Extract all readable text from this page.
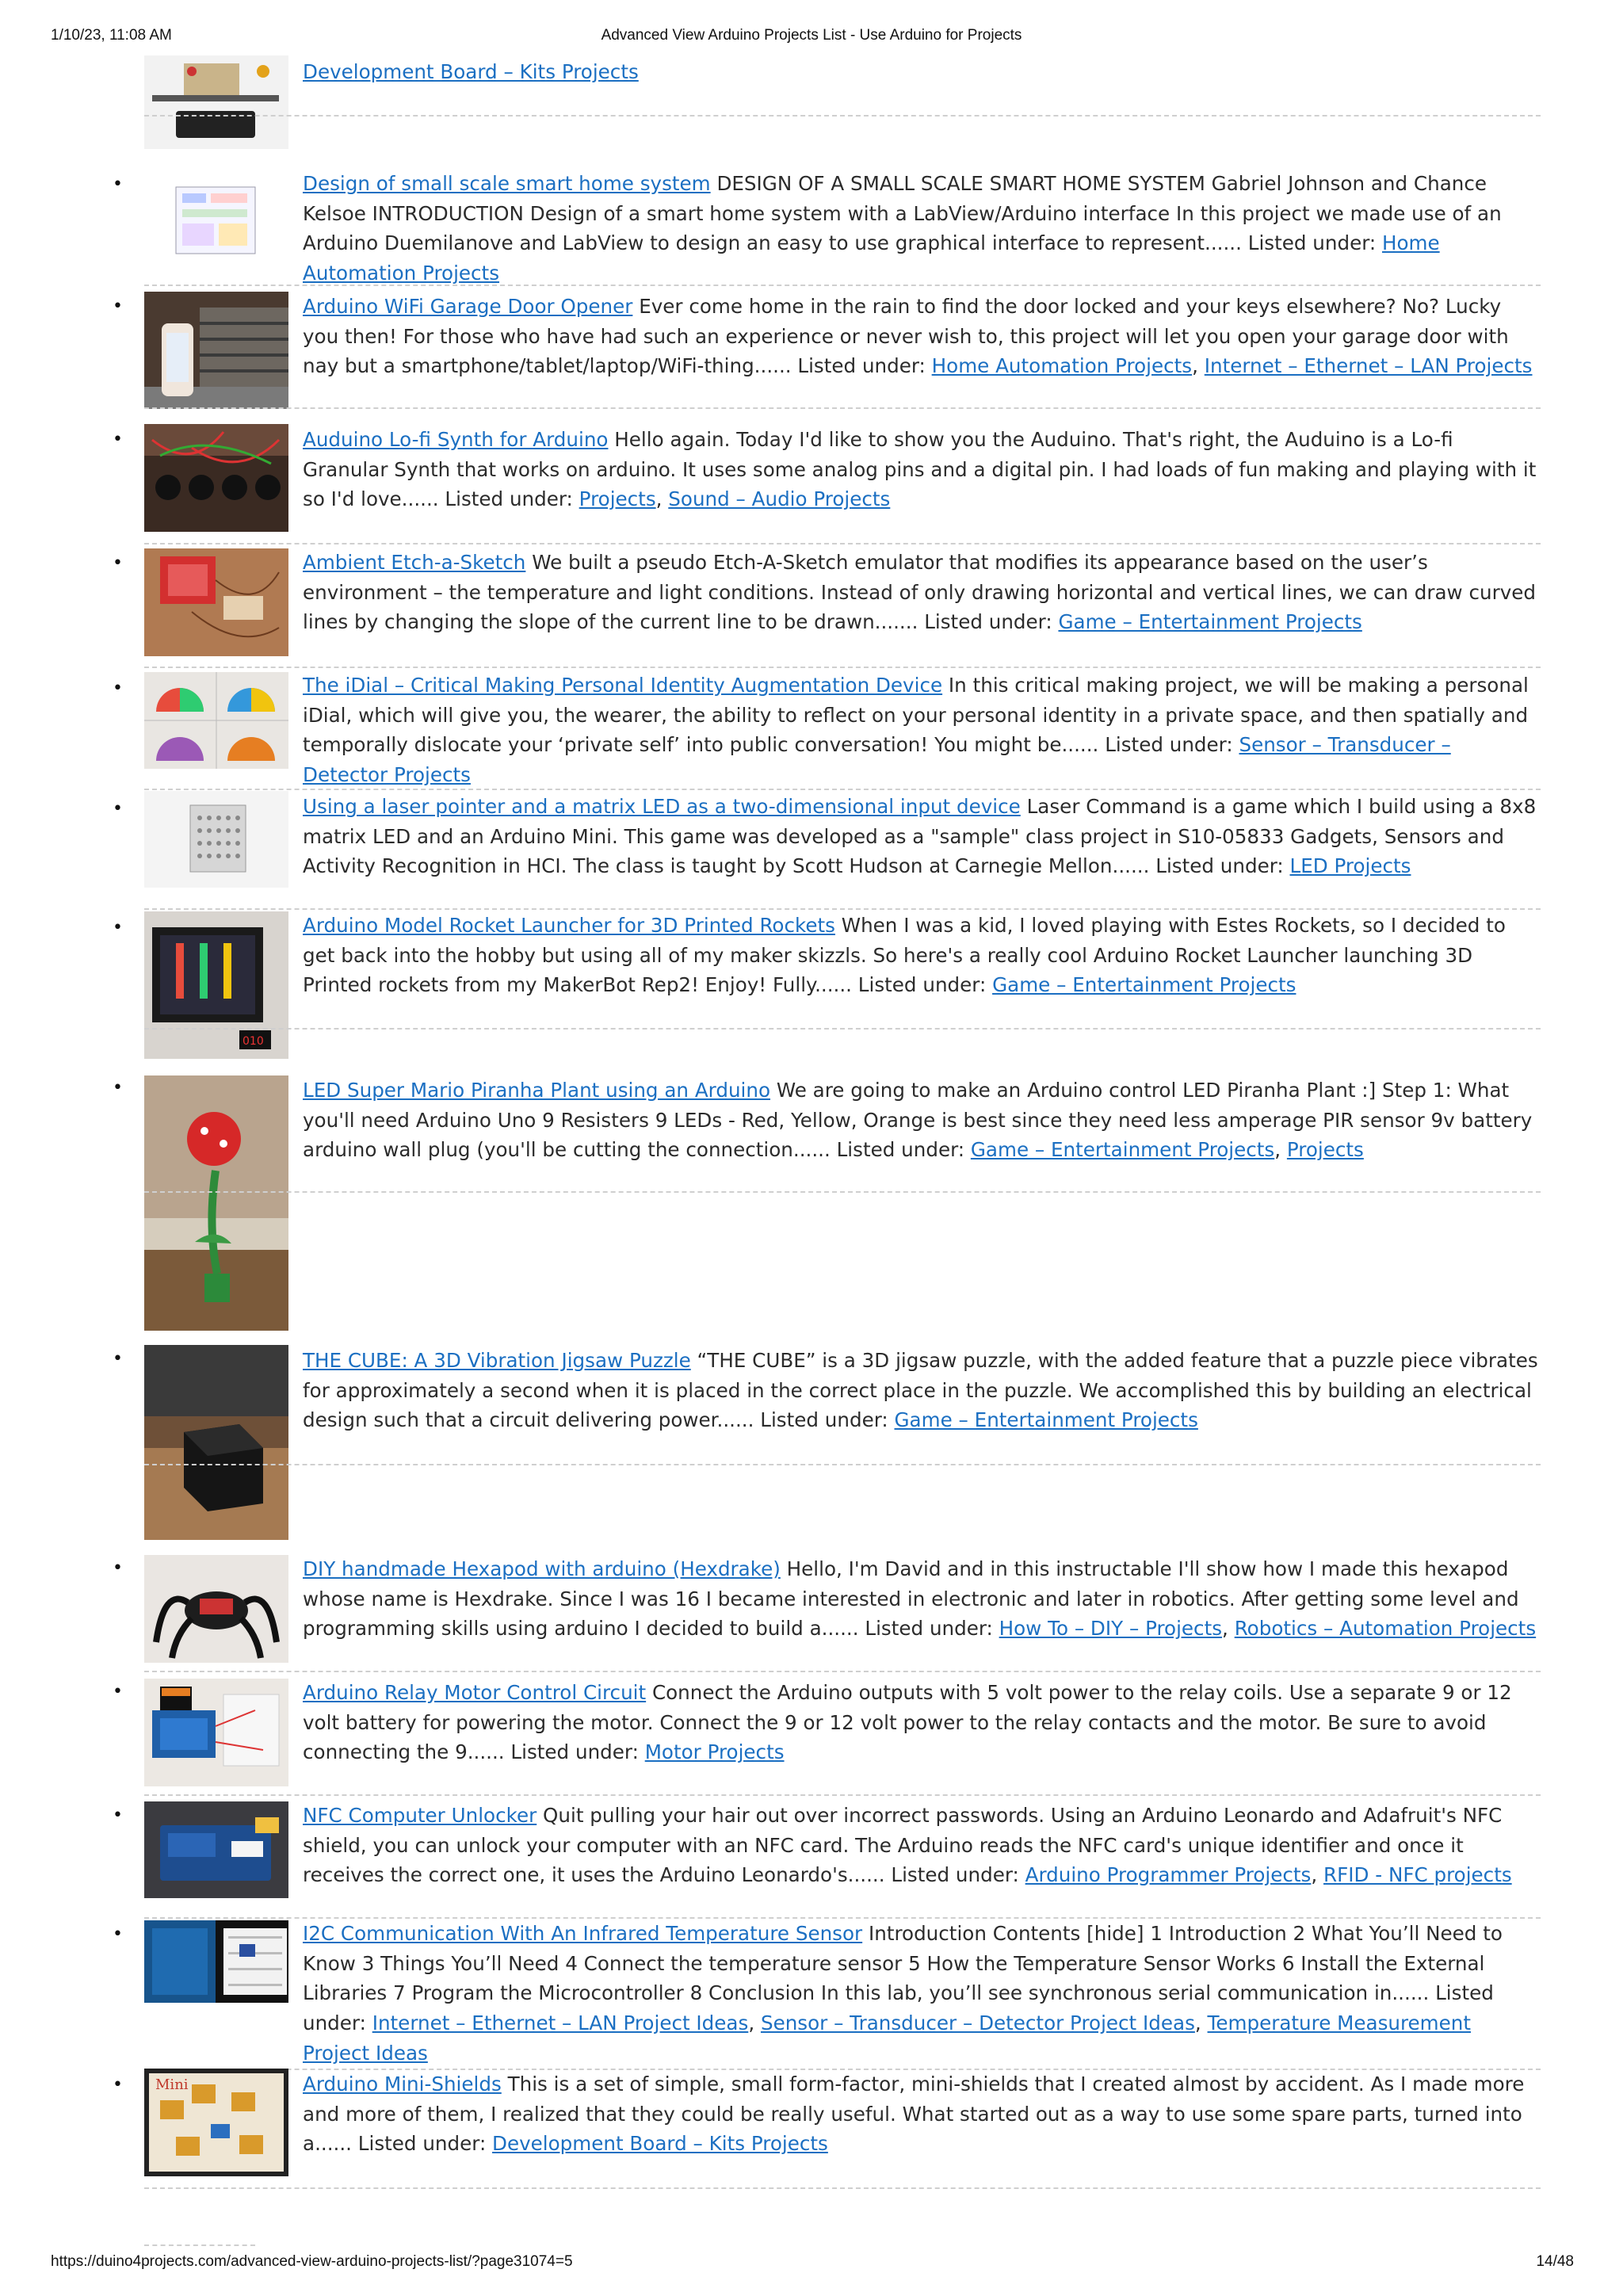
1/10/23, 11:08 AM	Advanced View Arduino Projects List - Use Arduino for Projects
Development Board – Kits Projects
•	Design of small scale smart home system DESIGN OF A SMALL SCALE SMART HOME SYSTEM Gabriel Johnson and Chance Kelsoe INTRODUCTION Design of a smart home system with a LabView/Arduino interface In this project we made use of an Arduino Duemilanove and LabView to design an easy to use graphical interface to represent...... Listed under: Home Automation Projects
•	Arduino WiFi Garage Door Opener Ever come home in the rain to find the door locked and your keys elsewhere? No? Lucky you then! For those who have had such an experience or never wish to, this project will let you open your garage door with nay but a smartphone/tablet/laptop/WiFi-thing...... Listed under: Home Automation Projects, Internet – Ethernet – LAN Projects
•	Auduino Lo-fi Synth for Arduino Hello again. Today I'd like to show you the Auduino. That's right, the Auduino is a Lo-fi Granular Synth that works on arduino. It uses some analog pins and a digital pin. I had loads of fun making and playing with it so I'd love...... Listed under: Projects, Sound – Audio Projects
•	Ambient Etch-a-Sketch We built a pseudo Etch-A-Sketch emulator that modifies its appearance based on the user’s environment – the temperature and light conditions. Instead of only drawing horizontal and vertical lines, we can draw curved lines by changing the slope of the current line to be drawn....... Listed under: Game – Entertainment Projects
•	The iDial – Critical Making Personal Identity Augmentation Device In this critical making project, we will be making a personal iDial, which will give you, the wearer, the ability to reflect on your personal identity in a private space, and then spatially and temporally dislocate your ‘private self’ into public conversation! You might be...... Listed under: Sensor – Transducer – Detector Projects
•	Using a laser pointer and a matrix LED as a two-dimensional input device Laser Command is a game which I build using a 8x8 matrix LED and an Arduino Mini. This game was developed as a "sample" class project in S10-05833 Gadgets, Sensors and Activity Recognition in HCI. The class is taught by Scott Hudson at Carnegie Mellon...... Listed under: LED Projects
•
010
Arduino Model Rocket Launcher for 3D Printed Rockets When I was a kid, I loved playing with Estes Rockets, so I decided to get back into the hobby but using all of my maker skizzls. So here's a really cool Arduino Rocket Launcher launching 3D Printed rockets from my MakerBot Rep2! Enjoy! Fully...... Listed under: Game – Entertainment Projects
•	LED Super Mario Piranha Plant using an Arduino We are going to make an Arduino control LED Piranha Plant :] Step 1: What you'll need Arduino Uno 9 Resisters 9 LEDs - Red, Yellow, Orange is best since they need less amperage PIR sensor 9v battery arduino wall plug (you'll be cutting the connection...... Listed under: Game – Entertainment Projects, Projects
•	THE CUBE: A 3D Vibration Jigsaw Puzzle “THE CUBE” is a 3D jigsaw puzzle, with the added feature that a puzzle piece vibrates for approximately a second when it is placed in the correct place in the puzzle. We accomplished this by building an electrical design such that a circuit delivering power...... Listed under: Game – Entertainment Projects
•	DIY handmade Hexapod with arduino (Hexdrake) Hello, I'm David and in this instructable I'll show how I made this hexapod whose name is Hexdrake. Since I was 16 I became interested in electronic and later in robotics. After getting some level and programming skills using arduino I decided to build a...... Listed under: How To – DIY – Projects, Robotics – Automation Projects
•	Arduino Relay Motor Control Circuit Connect the Arduino outputs with 5 volt power to the relay coils. Use a separate 9 or 12 volt battery for powering the motor. Connect the 9 or 12 volt power to the relay contacts and the motor. Be sure to avoid connecting the 9...... Listed under: Motor Projects
•	NFC Computer Unlocker Quit pulling your hair out over incorrect passwords. Using an Arduino Leonardo and Adafruit's NFC shield, you can unlock your computer with an NFC card. The Arduino reads the NFC card's unique identifier and once it receives the correct one, it uses the Arduino Leonardo's...... Listed under: Arduino Programmer Projects, RFID - NFC projects
•	I2C Communication With An Infrared Temperature Sensor Introduction Contents [hide] 1 Introduction 2 What You’ll Need to Know 3 Things You’ll Need 4 Connect the temperature sensor 5 How the Temperature Sensor Works 6 Install the External Libraries 7 Program the Microcontroller 8 Conclusion In this lab, you’ll see synchronous serial communication in...... Listed under: Internet – Ethernet – LAN Project Ideas, Sensor – Transducer – Detector Project Ideas, Temperature Measurement Project Ideas
• Mini	Arduino Mini-Shields This is a set of simple, small form-factor, mini-shields that I created almost by accident. As I made more and more of them, I realized that they could be really useful. What started out as a way to use some spare parts, turned into a...... Listed under: Development Board – Kits Projects
https://duino4projects.com/advanced-view-arduino-projects-list/?page31074=5	14/48
